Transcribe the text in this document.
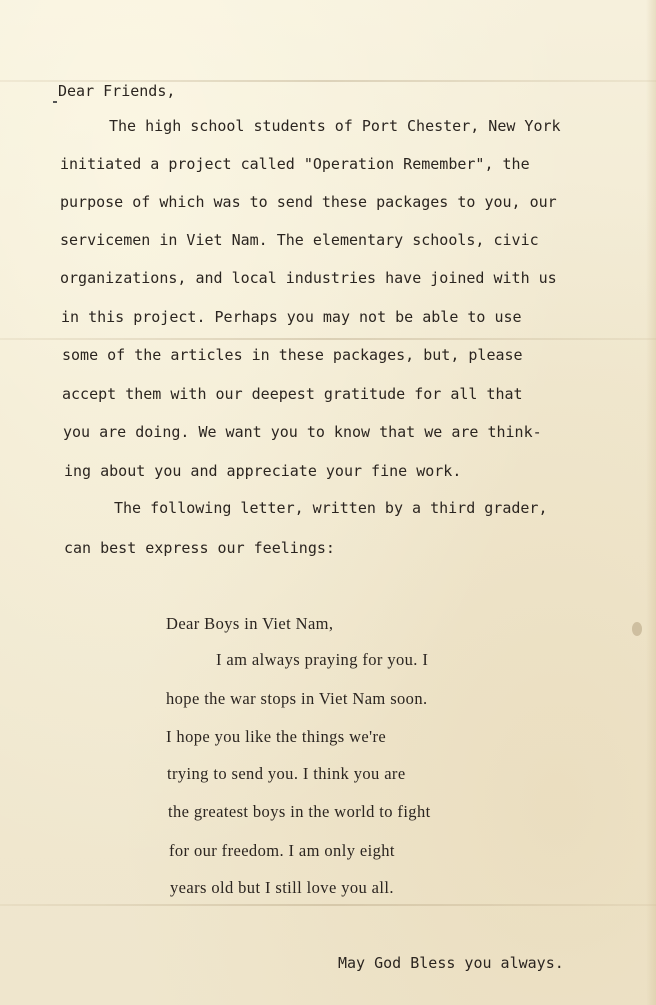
Dear Friends,
The high school students of Port Chester, New York
initiated a project called "Operation Remember", the
purpose of which was to send these packages to you, our
servicemen in Viet Nam. The elementary schools, civic
organizations, and local industries have joined with us
in this project. Perhaps you may not be able to use
some of the articles in these packages, but, please
accept them with our deepest gratitude for all that
you are doing. We want you to know that we are think-
ing about you and appreciate your fine work.
The following letter, written by a third grader,
can best express our feelings:
Dear Boys in Viet Nam,
I am always praying for you. I
hope the war stops in Viet Nam soon.
I hope you like the things we're
trying to send you. I think you are
the greatest boys in the world to fight
for our freedom. I am only eight
years old but I still love you all.
May God Bless you always.
